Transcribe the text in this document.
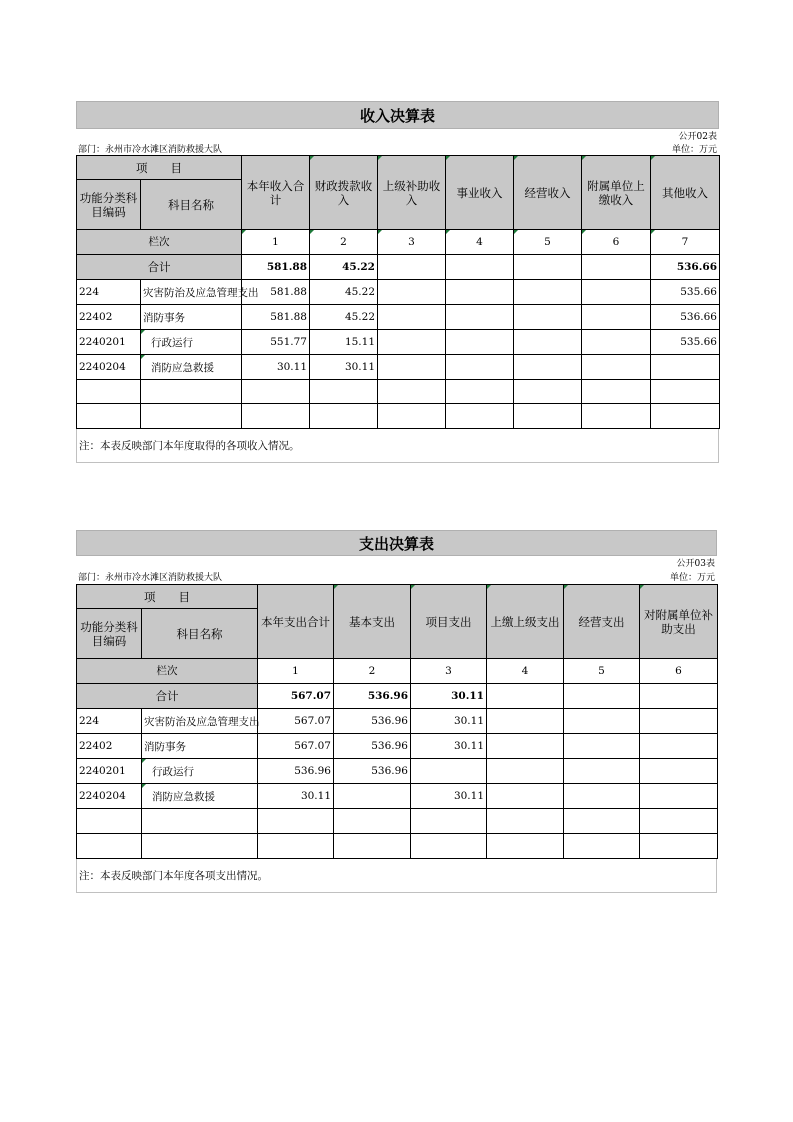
收入决算表
公开02表
部门：永州市冷水滩区消防救援大队	单位：万元
项　　目		本年收入合计	财政拨款收入	上级补助收入	事业收入	经营收入	附属单位上缴收入	其他收入
功能分类科目编码	科目名称							
栏次		1	2	3	4	5	6	7
合计		581.88	45.22					536.66
224	灾害防治及应急管理支出	581.88	45.22					535.66
22402	消防事务	581.88	45.22					536.66
2240201	行政运行	551.77	15.11					535.66
2240204	消防应急救援	30.11	30.11					

注：本表反映部门本年度取得的各项收入情况。
支出决算表
公开03表
部门：永州市冷水滩区消防救援大队	单位：万元
项　　目		本年支出合计	基本支出	项目支出	上缴上级支出	经营支出	对附属单位补助支出
功能分类科目编码	科目名称						
栏次		1	2	3	4	5	6
合计		567.07	536.96	30.11			
224	灾害防治及应急管理支出	567.07	536.96	30.11			
22402	消防事务	567.07	536.96	30.11			
2240201	行政运行	536.96	536.96				
2240204	消防应急救援	30.11		30.11			

注：本表反映部门本年度各项支出情况。
